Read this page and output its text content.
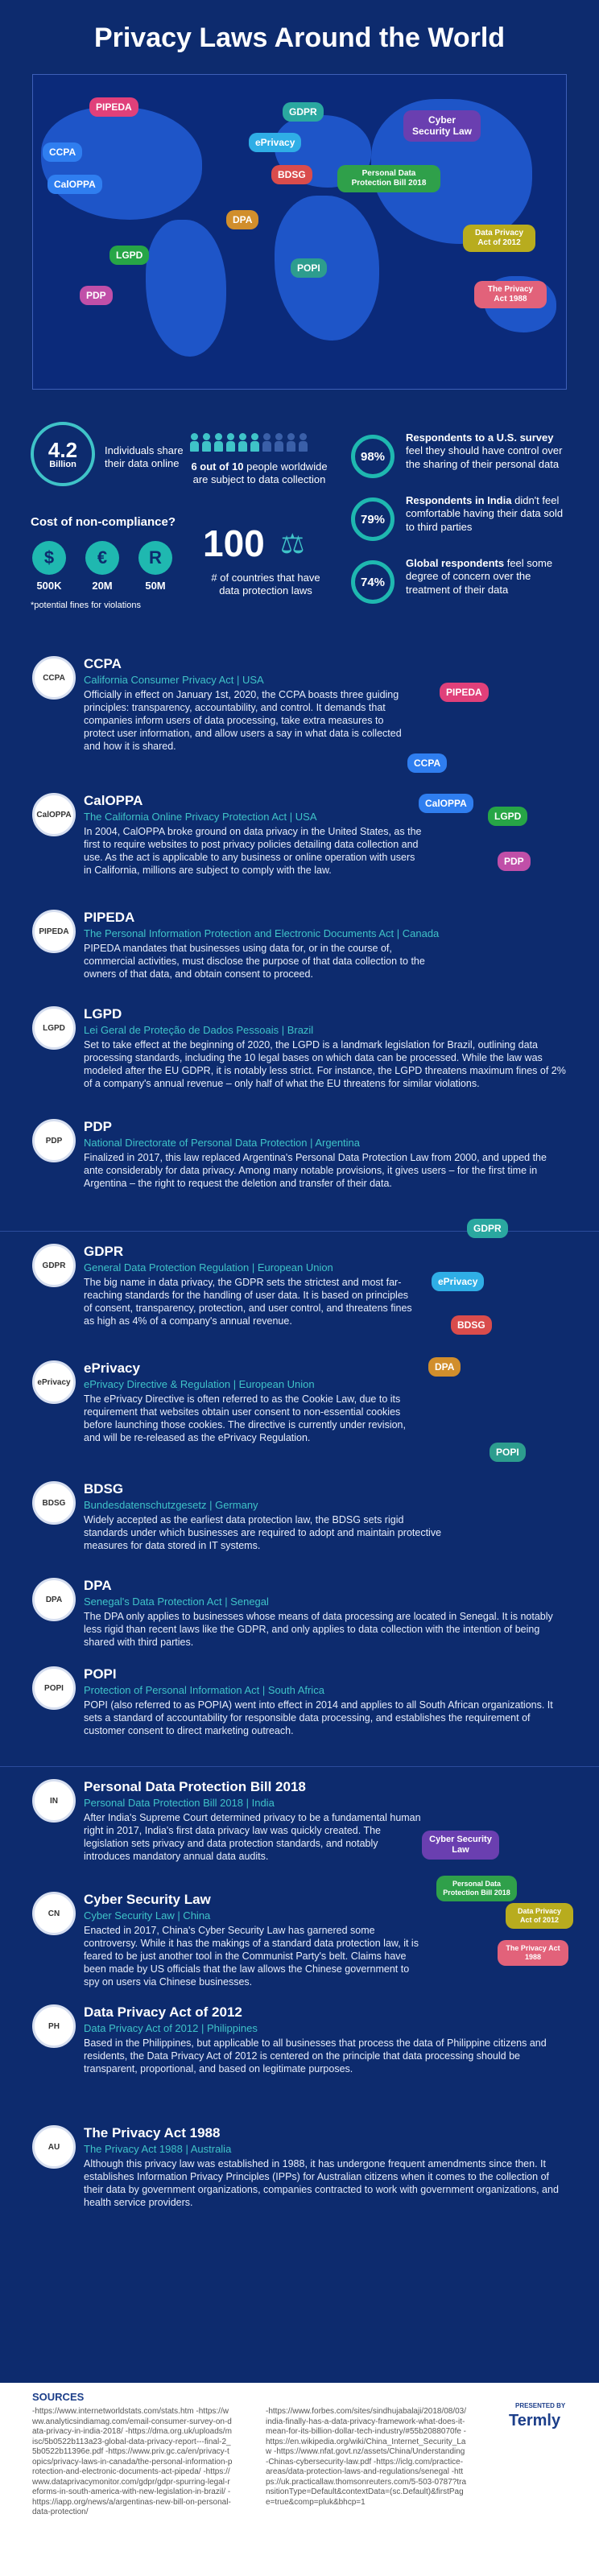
Privacy Laws Around the World
PIPEDA
CCPA
CalOPPA
LGPD
PDP
GDPR
ePrivacy
BDSG
DPA
POPI
Cyber Security Law
Personal Data Protection Bill 2018
Data Privacy Act of 2012
The Privacy Act 1988
4.2
Billion
Individuals share their data online	6 out of 10 people worldwide are subject to data collection
Cost of non-compliance?
$	€	R
500K	20M	50M
*potential fines for violations
100 ⚖
# of countries that have data protection laws
98%
Respondents to a U.S. survey feel they should have control over the sharing of their personal data
79%
Respondents in India didn't feel comfortable having their data sold to third parties
74%
Global respondents feel some degree of concern over the treatment of their data
CCPA
CCPA
California Consumer Privacy Act | USA

Officially in effect on January 1st, 2020, the CCPA boasts three guiding principles: transparency, accountability, and control. It demands that companies inform users of data processing, take extra measures to protect user information, and allow users a say in what data is collected and how it is shared.

CalOPPA
CalOPPA
The California Online Privacy Protection Act | USA

In 2004, CalOPPA broke ground on data privacy in the United States, as the first to require websites to post privacy policies detailing data collection and use. As the act is applicable to any business or online operation with users in California, millions are subject to comply with the law.

PIPEDA
PIPEDA
The Personal Information Protection and Electronic Documents Act | Canada

PIPEDA mandates that businesses using data for, or in the course of, commercial activities, must disclose the purpose of that data collection to the owners of that data, and obtain consent to proceed.

LGPD
LGPD
Lei Geral de Proteção de Dados Pessoais | Brazil

Set to take effect at the beginning of 2020, the LGPD is a landmark legislation for Brazil, outlining data processing standards, including the 10 legal bases on which data can be processed. While the law was modeled after the EU GDPR, it is notably less strict. For instance, the LGPD threatens maximum fines of 2% of a company's annual revenue – only half of what the EU threatens for similar violations.

PDP
PDP
National Directorate of Personal Data Protection | Argentina

Finalized in 2017, this law replaced Argentina's Personal Data Protection Law from 2000, and upped the ante considerably for data privacy. Among many notable provisions, it gives users – for the first time in Argentina – the right to request the deletion and transfer of their data.

GDPR
GDPR
General Data Protection Regulation | European Union

The big name in data privacy, the GDPR sets the strictest and most far-reaching standards for the handling of user data. It is based on principles of consent, transparency, protection, and user control, and threatens fines as high as 4% of a company's annual revenue.

ePrivacy
ePrivacy
ePrivacy Directive & Regulation | European Union

The ePrivacy Directive is often referred to as the Cookie Law, due to its requirement that websites obtain user consent to non-essential cookies before launching those cookies. The directive is currently under revision, and will be re-released as the ePrivacy Regulation.

BDSG
BDSG
Bundesdatenschutzgesetz | Germany

Widely accepted as the earliest data protection law, the BDSG sets rigid standards under which businesses are required to adopt and maintain protective measures for data stored in IT systems.

DPA
DPA
Senegal's Data Protection Act | Senegal

The DPA only applies to businesses whose means of data processing are located in Senegal. It is notably less rigid than recent laws like the GDPR, and only applies to data collection with the intention of being shared with third parties.

POPI
POPI
Protection of Personal Information Act | South Africa

POPI (also referred to as POPIA) went into effect in 2014 and applies to all South African organizations. It sets a standard of accountability for responsible data processing, and establishes the requirement of customer consent to direct marketing outreach.

IN
Personal Data Protection Bill 2018
Personal Data Protection Bill 2018 | India

After India's Supreme Court determined privacy to be a fundamental human right in 2017, India's first data privacy law was quickly created. The legislation sets privacy and data protection standards, and notably introduces mandatory annual data audits.

CN
Cyber Security Law
Cyber Security Law | China

Enacted in 2017, China's Cyber Security Law has garnered some controversy. While it has the makings of a standard data protection law, it is feared to be just another tool in the Communist Party's belt. Claims have been made by US officials that the law allows the Chinese government to spy on users via Chinese businesses.

PH
Data Privacy Act of 2012
Data Privacy Act of 2012 | Philippines

Based in the Philippines, but applicable to all businesses that process the data of Philippine citizens and residents, the Data Privacy Act of 2012 is centered on the principle that data processing should be transparent, proportional, and based on legitimate purposes.

AU
The Privacy Act 1988
The Privacy Act 1988 | Australia

Although this privacy law was established in 1988, it has undergone frequent amendments since then. It establishes Information Privacy Principles (IPPs) for Australian citizens when it comes to the collection of their data by government organizations, companies contracted to work with government organizations, and health service providers.

PIPEDA
CCPA
CalOPPA
LGPD
PDP
GDPR
ePrivacy
BDSG
DPA
POPI
Cyber Security Law
Personal Data Protection Bill 2018
Data Privacy Act of 2012
The Privacy Act 1988
SOURCES
-https://www.internetworldstats.com/stats.htm -https://www.analyticsindiamag.com/email-consumer-survey-on-data-privacy-in-india-2018/ -https://dma.org.uk/uploads/misc/5b0522b113a23-global-data-privacy-report---final-2_5b0522b11396e.pdf -https://www.priv.gc.ca/en/privacy-topics/privacy-laws-in-canada/the-personal-information-protection-and-electronic-documents-act-pipeda/ -https://www.dataprivacymonitor.com/gdpr/gdpr-spurring-legal-reforms-in-south-america-with-new-legislation-in-brazil/ -https://iapp.org/news/a/argentinas-new-bill-on-personal-data-protection/
-https://www.forbes.com/sites/sindhujabalaji/2018/08/03/india-finally-has-a-data-privacy-framework-what-does-it-mean-for-its-billion-dollar-tech-industry/#55b2088070fe -https://en.wikipedia.org/wiki/China_Internet_Security_Law -https://www.nfat.govt.nz/assets/China/Understanding-Chinas-cybersecurity-law.pdf -https://iclg.com/practice-areas/data-protection-laws-and-regulations/senegal -https://uk.practicallaw.thomsonreuters.com/5-503-0787?transitionType=Default&contextData=(sc.Default)&firstPage=true&comp=pluk&bhcp=1
PRESENTED BY
Termly
